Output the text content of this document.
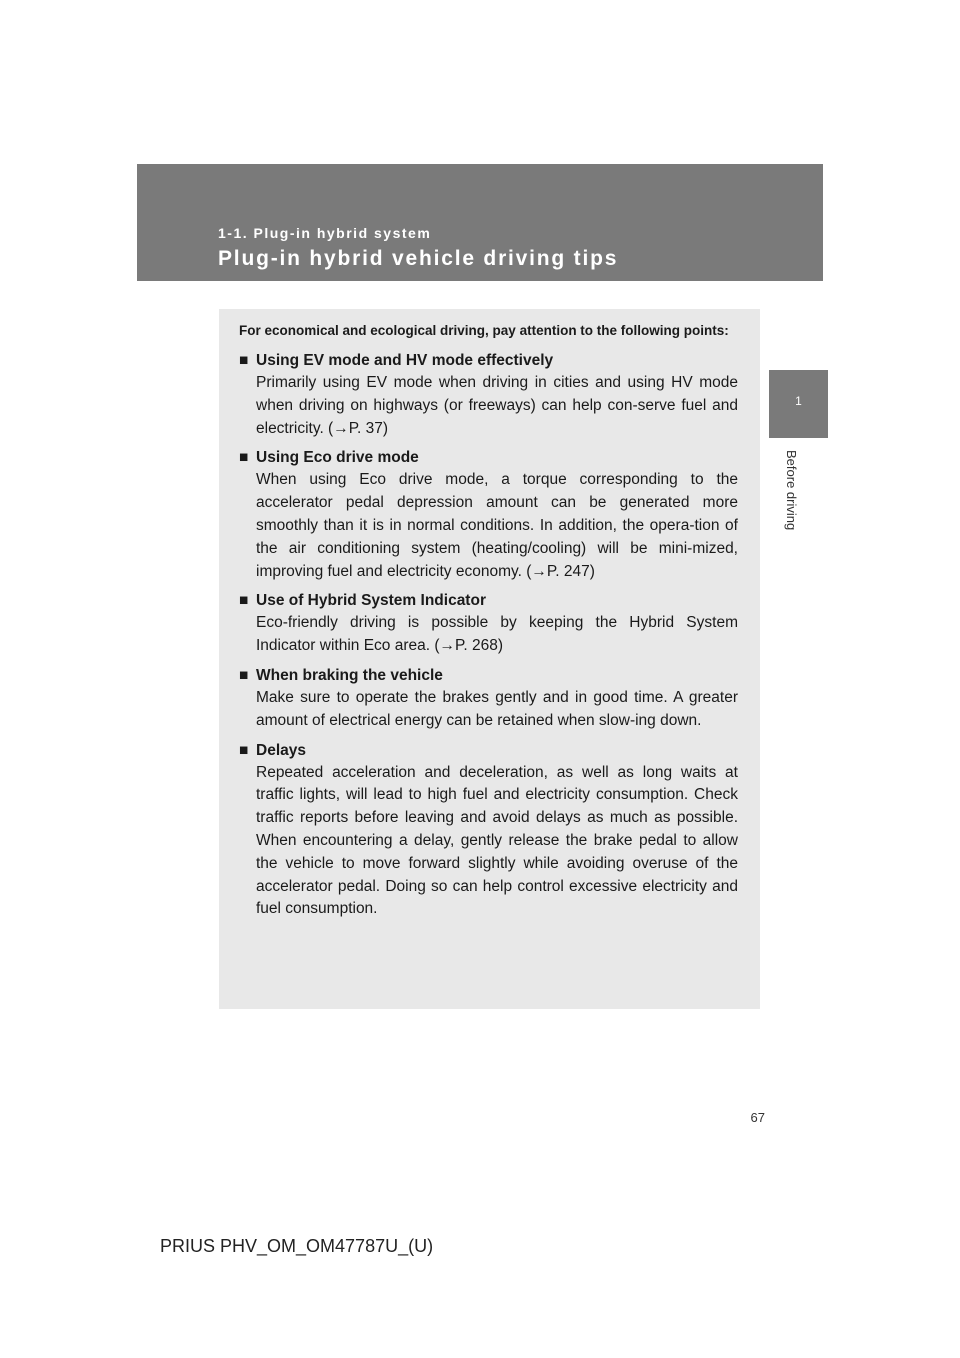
1-1. Plug-in hybrid system
Plug-in hybrid vehicle driving tips
1
Before driving

For economical and ecological driving, pay attention to the following points:

■ Using EV mode and HV mode effectively
Primarily using EV mode when driving in cities and using HV mode when driving on highways (or freeways) can help con-serve fuel and electricity. (→P. 37)
■ Using Eco drive mode
When using Eco drive mode, a torque corresponding to the accelerator pedal depression amount can be generated more smoothly than it is in normal conditions. In addition, the opera-tion of the air conditioning system (heating/cooling) will be mini-mized, improving fuel and electricity economy. (→P. 247)
■ Use of Hybrid System Indicator
Eco-friendly driving is possible by keeping the Hybrid System Indicator within Eco area. (→P. 268)
■ When braking the vehicle
Make sure to operate the brakes gently and in good time. A greater amount of electrical energy can be retained when slow-ing down.
■ Delays
Repeated acceleration and deceleration, as well as long waits at traffic lights, will lead to high fuel and electricity consumption. Check traffic reports before leaving and avoid delays as much as possible. When encountering a delay, gently release the brake pedal to allow the vehicle to move forward slightly while avoiding overuse of the accelerator pedal. Doing so can help control excessive electricity and fuel consumption.
67
PRIUS PHV_OM_OM47787U_(U)
